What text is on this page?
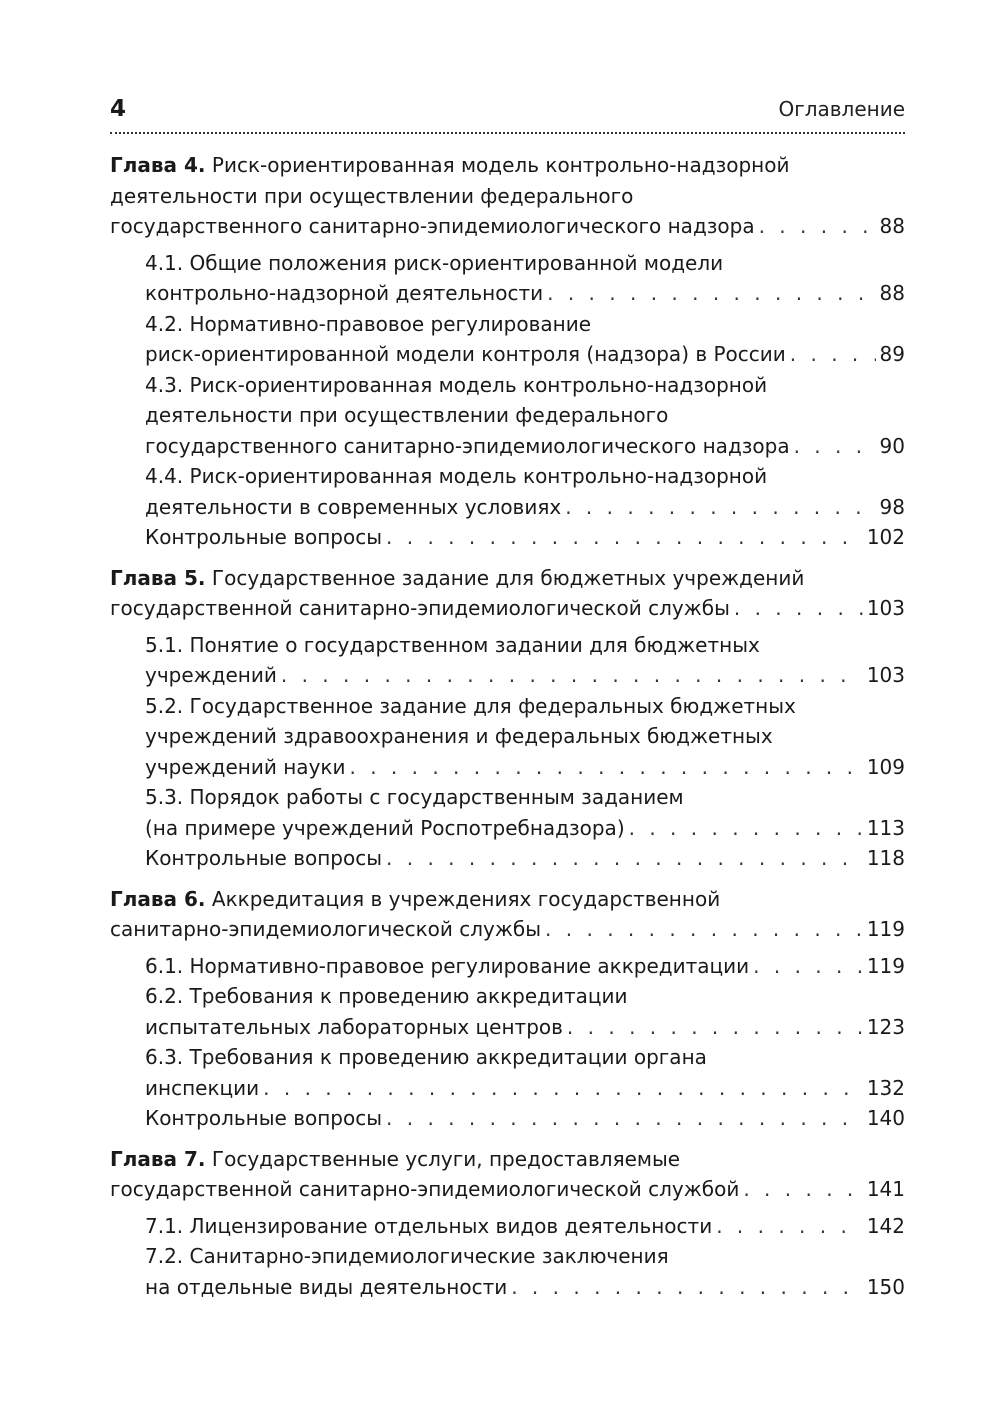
4	Оглавление
Глава 4. Риск-ориентированная модель контрольно-надзорной
деятельности при осуществлении федерального
государственного санитарно-эпидемиологического надзора . . .	88
4.1. Общие положения риск-ориентированной модели
контрольно-надзорной деятельности . . .	88
4.2. Нормативно-правовое регулирование
риск-ориентированной модели контроля (надзора) в России . . .	89
4.3. Риск-ориентированная модель контрольно-надзорной
деятельности при осуществлении федерального
государственного санитарно-эпидемиологического надзора . . .	90
4.4. Риск-ориентированная модель контрольно-надзорной
деятельности в современных условиях . . .	98
Контрольные вопросы . . .	102
Глава 5. Государственное задание для бюджетных учреждений
государственной санитарно-эпидемиологической службы . . .	103
5.1. Понятие о государственном задании для бюджетных
учреждений . . .	103
5.2. Государственное задание для федеральных бюджетных
учреждений здравоохранения и федеральных бюджетных
учреждений науки . . .	109
5.3. Порядок работы с государственным заданием
(на примере учреждений Роспотребнадзора) . . .	113
Контрольные вопросы . . .	118
Глава 6. Аккредитация в учреждениях государственной
санитарно-эпидемиологической службы . . .	119
6.1. Нормативно-правовое регулирование аккредитации . . .	119
6.2. Требования к проведению аккредитации
испытательных лабораторных центров . . .	123
6.3. Требования к проведению аккредитации органа
инспекции . . .	132
Контрольные вопросы . . .	140
Глава 7. Государственные услуги, предоставляемые
государственной санитарно-эпидемиологической службой . . .	141
7.1. Лицензирование отдельных видов деятельности . . .	142
7.2. Санитарно-эпидемиологические заключения
на отдельные виды деятельности . . .	150
